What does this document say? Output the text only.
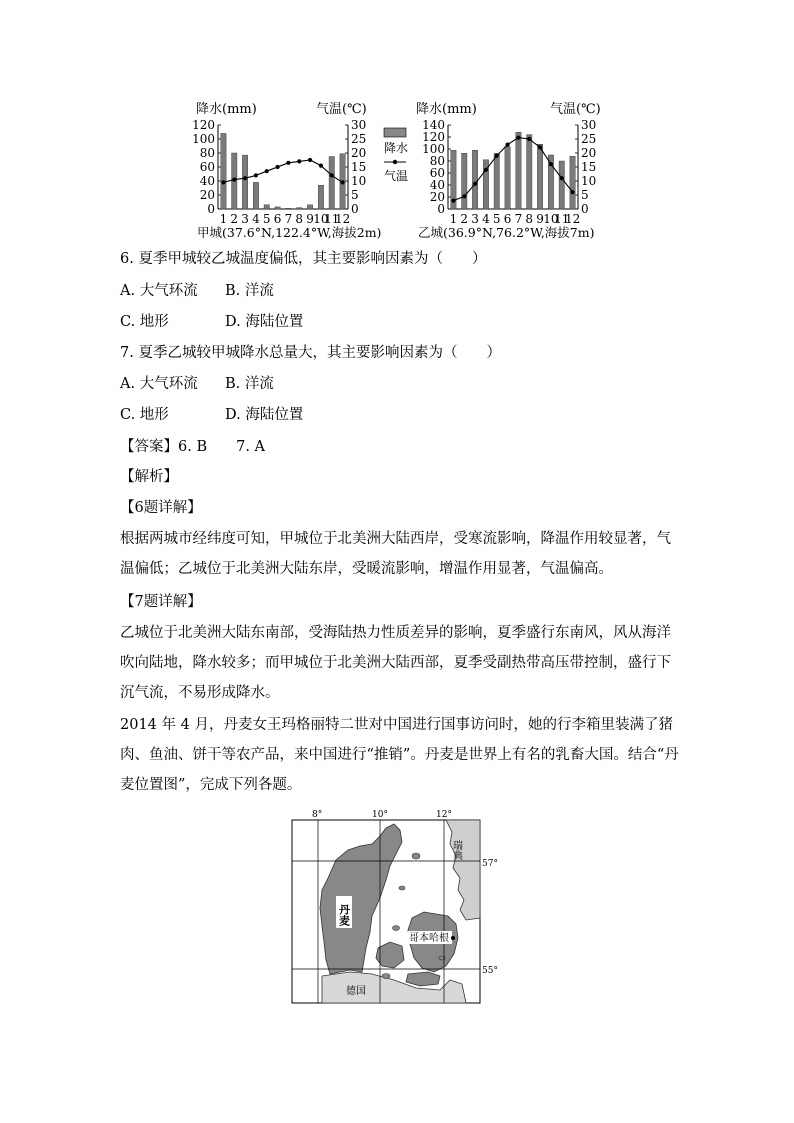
降水(mm)	气温(℃)
甲城(37.6°N,122.4°W,海拔2m)
降水
气温
降水(mm)	气温(℃)
乙城(36.9°N,76.2°W,海拔7m)
120
100
80
60
40
20
0
30
25
20
15
10
5
0
1 2 3 4 5 6 7 8 9 10
11
12
140
120
100
80
60
40
20
0
30
25
20
15
10
5
0
1 2 3 4 5 6 7 8 9 10
11
12

6. 夏季甲城较乙城温度偏低，其主要影响因素为（　　）

A. 大气环流 B. 洋流

C. 地形	D. 海陆位置

7. 夏季乙城较甲城降水总量大，其主要影响因素为（　　）

A. 大气环流 B. 洋流

C. 地形	D. 海陆位置

【答案】6. B　　7. A

【解析】

【6题详解】

根据两城市经纬度可知，甲城位于北美洲大陆西岸，受寒流影响，降温作用较显著，气温偏低；乙城位于北美洲大陆东岸，受暖流影响，增温作用显著，气温偏高。

【7题详解】

乙城位于北美洲大陆东南部，受海陆热力性质差异的影响，夏季盛行东南风，风从海洋吹向陆地，降水较多；而甲城位于北美洲大陆西部，夏季受副热带高压带控制，盛行下沉气流，不易形成降水。

2014 年 4 月，丹麦女王玛格丽特二世对中国进行国事访问时，她的行李箱里装满了猪肉、鱼油、饼干等农产品，来中国进行“推销”。丹麦是世界上有名的乳畜大国。结合“丹麦位置图”，完成下列各题。

8°	10°	12°
57°
55°
丹麦
瑞典
哥本哈根
德国
